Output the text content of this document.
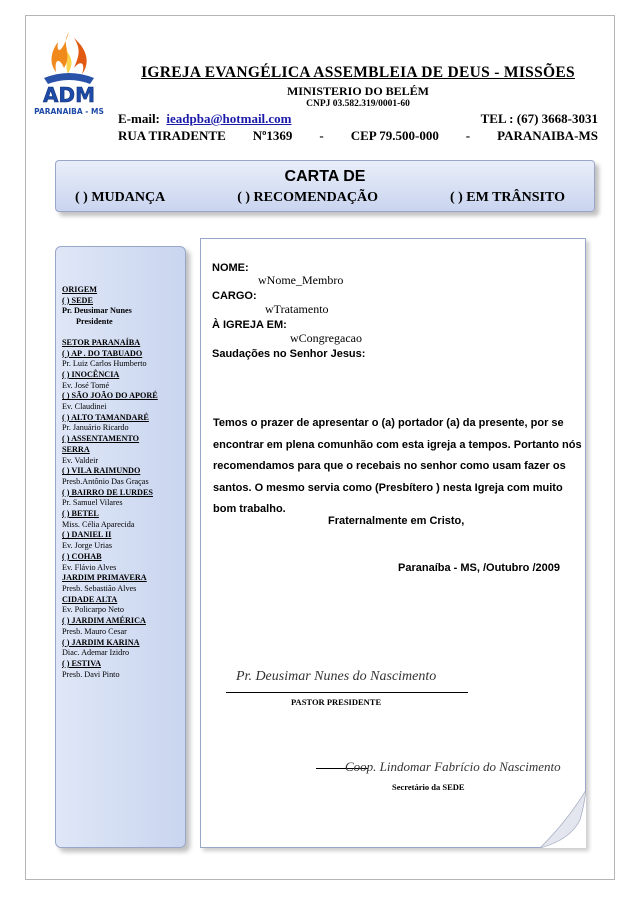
ADM
PARANAIBA - MS
IGREJA EVANGÉLICA ASSEMBLEIA DE DEUS - MISSÕES
MINISTERIO DO BELÉM
CNPJ 03.582.319/0001-60
E-mail: ieadpba@hotmail.com	TEL : (67) 3668-3031
RUA TIRADENTE Nº1369 - CEP 79.500-000 - PARANAIBA-MS
CARTA DE
( ) MUDANÇA	( ) RECOMENDAÇÃO	( ) EM TRÂNSITO
ORIGEM
( ) SEDE
Pr. Deusimar Nunes
Presidente
SETOR PARANAÍBA
( ) AP . DO TABUADO
Pr. Luiz Carlos Humberto
( ) INOCÊNCIA
Ev. José Tomé
( ) SÃO JOÃO DO APORÉ
Ev. Claudinei
( ) ALTO TAMANDARÉ
Pr. Januário Ricardo
( ) ASSENTAMENTO
SERRA
Ev. Valdeir
( ) VILA RAIMUNDO
Presb.Antônio Das Graças
( ) BAIRRO DE LURDES
Pr. Samuel Vilares
( ) BETEL
Miss. Célia Aparecida
( ) DANIEL II
Ev. Jorge Urias
( ) COHAB
Ev. Flávio Alves
JARDIM PRIMAVERA
Presb. Sebastião Alves
CIDADE ALTA
Ev. Policarpo Neto
( ) JARDIM AMÉRICA
Presb. Mauro Cesar
( ) JARDIM KARINA
Diac. Ademar Izidro
( ) ESTIVA
Presb. Davi Pinto
NOME:
wNome_Membro
CARGO:
wTratamento
À IGREJA EM:
wCongregacao
Saudações no Senhor Jesus:
Temos o prazer de apresentar o (a) portador (a) da presente, por se encontrar em plena comunhão com esta igreja a tempos. Portanto nós recomendamos para que o recebais no senhor como usam fazer os santos. O mesmo servia como (Presbítero ) nesta Igreja com muito bom trabalho.
Fraternalmente em Cristo,
Paranaíba - MS, /Outubro /2009
Pr. Deusimar Nunes do Nascimento
PASTOR PRESIDENTE
Coop. Lindomar Fabrício do Nascimento
Secretário da SEDE
